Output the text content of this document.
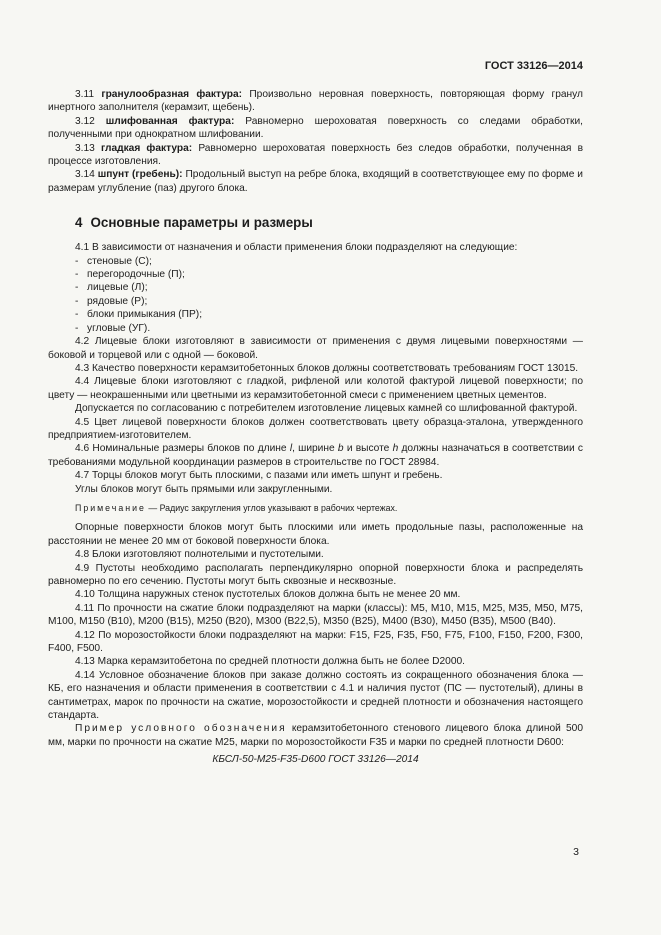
ГОСТ 33126—2014

3.11 гранулообразная фактура: Произвольно неровная поверхность, повторяющая форму гранул инертного заполнителя (керамзит, щебень).

3.12 шлифованная фактура: Равномерно шероховатая поверхность со следами обработки, полученными при однократном шлифовании.

3.13 гладкая фактура: Равномерно шероховатая поверхность без следов обработки, полученная в процессе изготовления.

3.14 шпунт (гребень): Продольный выступ на ребре блока, входящий в соответствующее ему по форме и размерам углубление (паз) другого блока.

4 Основные параметры и размеры

4.1 В зависимости от назначения и области применения блоки подразделяют на следующие:

- стеновые (С);
- перегородочные (П);
- лицевые (Л);
- рядовые (Р);
- блоки примыкания (ПР);
- угловые (УГ).

4.2 Лицевые блоки изготовляют в зависимости от применения с двумя лицевыми поверхностями — боковой и торцевой или с одной — боковой.

4.3 Качество поверхности керамзитобетонных блоков должны соответствовать требованиям ГОСТ 13015.

4.4 Лицевые блоки изготовляют с гладкой, рифленой или колотой фактурой лицевой поверхности; по цвету — неокрашенными или цветными из керамзитобетонной смеси с применением цветных цементов.

Допускается по согласованию с потребителем изготовление лицевых камней со шлифованной фактурой.

4.5 Цвет лицевой поверхности блоков должен соответствовать цвету образца-эталона, утвержденного предприятием-изготовителем.

4.6 Номинальные размеры блоков по длине l, ширине b и высоте h должны назначаться в соответствии с требованиями модульной координации размеров в строительстве по ГОСТ 28984.

4.7 Торцы блоков могут быть плоскими, с пазами или иметь шпунт и гребень.

Углы блоков могут быть прямыми или закругленными.

Примечание — Радиус закругления углов указывают в рабочих чертежах.

Опорные поверхности блоков могут быть плоскими или иметь продольные пазы, расположенные на расстоянии не менее 20 мм от боковой поверхности блока.

4.8 Блоки изготовляют полнотелыми и пустотелыми.

4.9 Пустоты необходимо располагать перпендикулярно опорной поверхности блока и распределять равномерно по его сечению. Пустоты могут быть сквозные и несквозные.

4.10 Толщина наружных стенок пустотелых блоков должна быть не менее 20 мм.

4.11 По прочности на сжатие блоки подразделяют на марки (классы): М5, М10, М15, М25, М35, М50, М75, М100, М150 (В10), М200 (В15), М250 (В20), М300 (В22,5), М350 (В25), М400 (В30), М450 (В35), М500 (В40).

4.12 По морозостойкости блоки подразделяют на марки: F15, F25, F35, F50, F75, F100, F150, F200, F300, F400, F500.

4.13 Марка керамзитобетона по средней плотности должна быть не более D2000.

4.14 Условное обозначение блоков при заказе должно состоять из сокращенного обозначения блока — КБ, его назначения и области применения в соответствии с 4.1 и наличия пустот (ПС — пустотелый), длины в сантиметрах, марок по прочности на сжатие, морозостойкости и средней плотности и обозначения настоящего стандарта.

Пример условного обозначения керамзитобетонного стенового лицевого блока длиной 500 мм, марки по прочности на сжатие М25, марки по морозостойкости F35 и марки по средней плотности D600:

КБСЛ-50-М25-F35-D600 ГОСТ 33126—2014

3
